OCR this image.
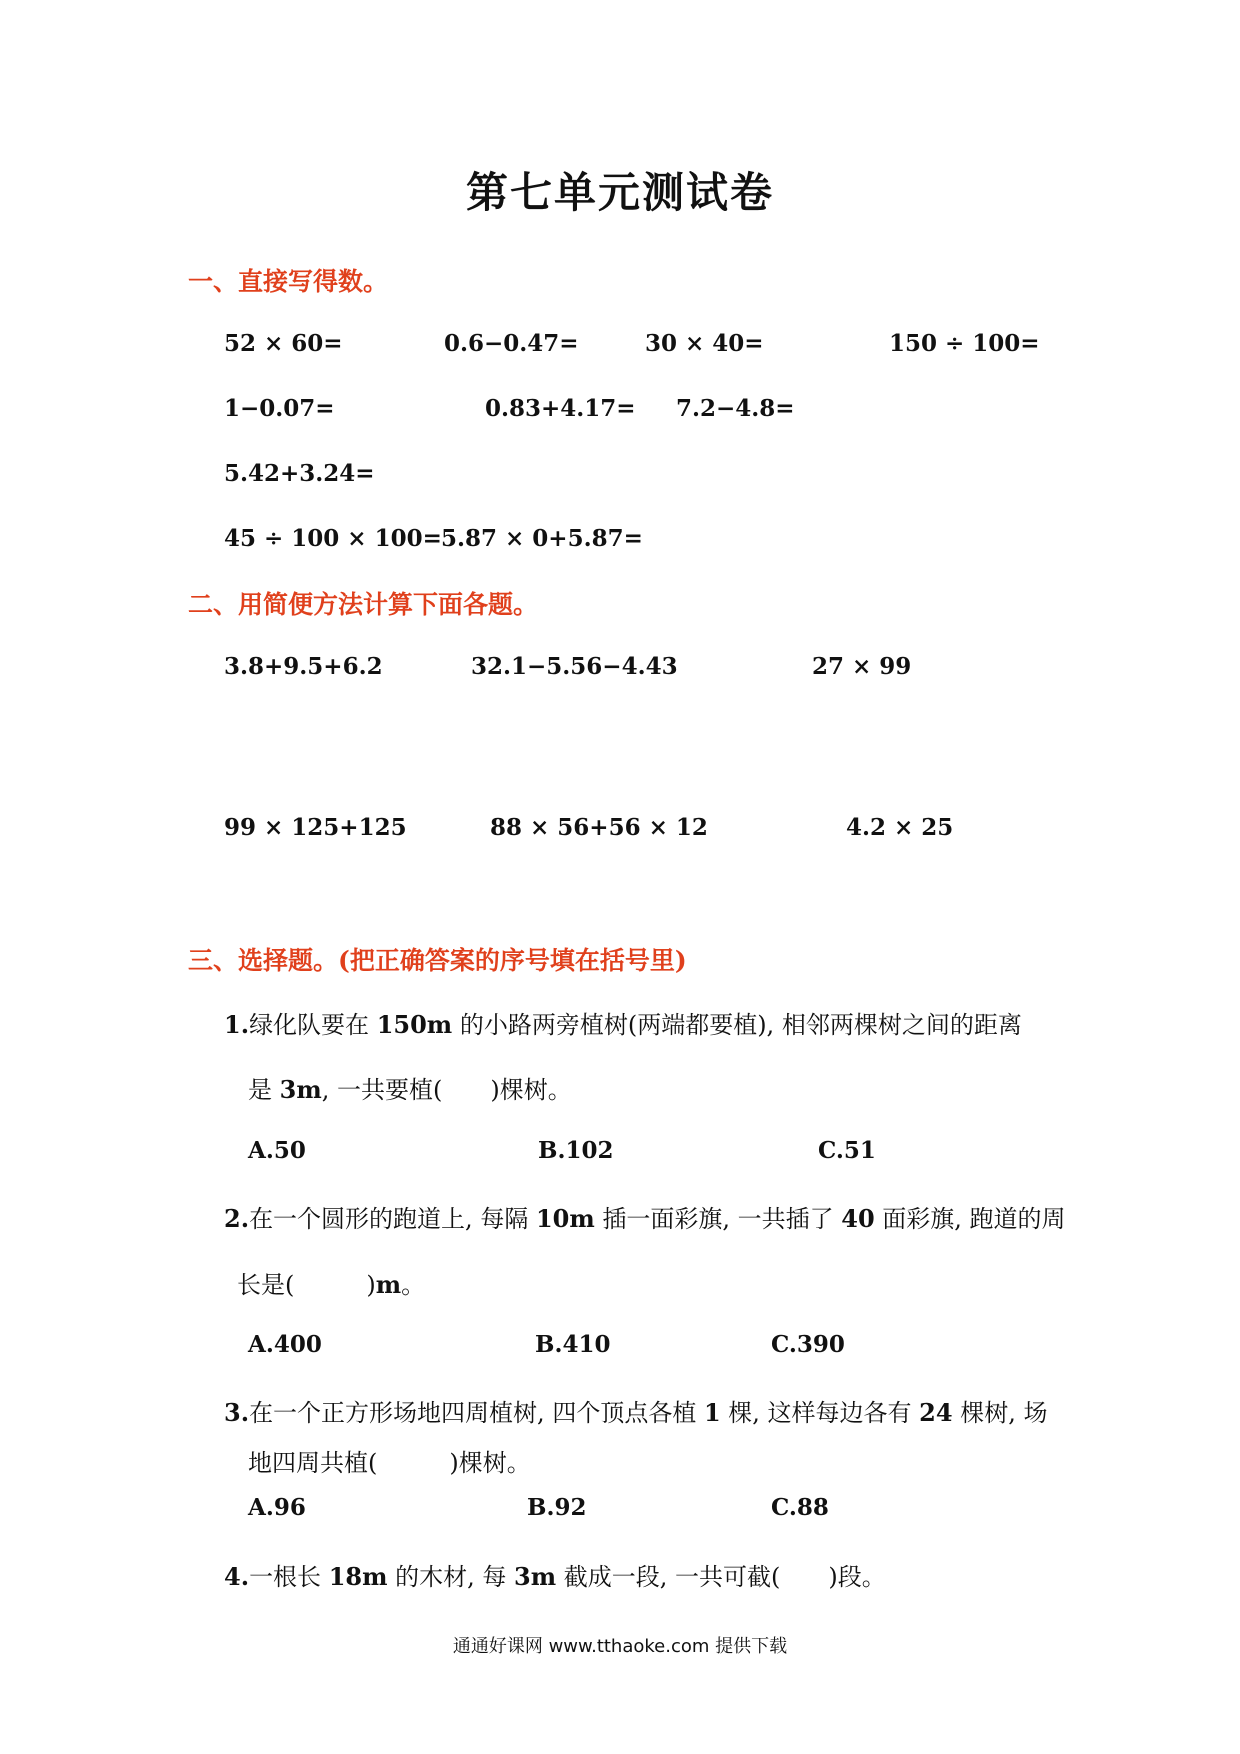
第七单元测试卷
一、直接写得数。
52 × 60=	0.6−0.47=	30 × 40=	150 ÷ 100=
1−0.07=	0.83+4.17= 7.2−4.8=
5.42+3.24=
45 ÷ 100 × 100= 5.87 × 0+5.87=
二、用简便方法计算下面各题。
3.8+9.5+6.2	32.1−5.56−4.43	27 × 99
99 × 125+125	88 × 56+56 × 12	4.2 × 25
三、选择题。(把正确答案的序号填在括号里)
1.绿化队要在 150m 的小路两旁植树(两端都要植), 相邻两棵树之间的距离
是 3m, 一共要植(　　)棵树。
A.50	B.102	C.51
2.在一个圆形的跑道上, 每隔 10m 插一面彩旗, 一共插了 40 面彩旗, 跑道的周
长是(　　　)m。
A.400	B.410	C.390
3.在一个正方形场地四周植树, 四个顶点各植 1 棵, 这样每边各有 24 棵树, 场
地四周共植(　　　)棵树。
A.96	B.92	C.88
4.一根长 18m 的木材, 每 3m 截成一段, 一共可截(　　)段。
通通好课网 www.tthaoke.com 提供下载
